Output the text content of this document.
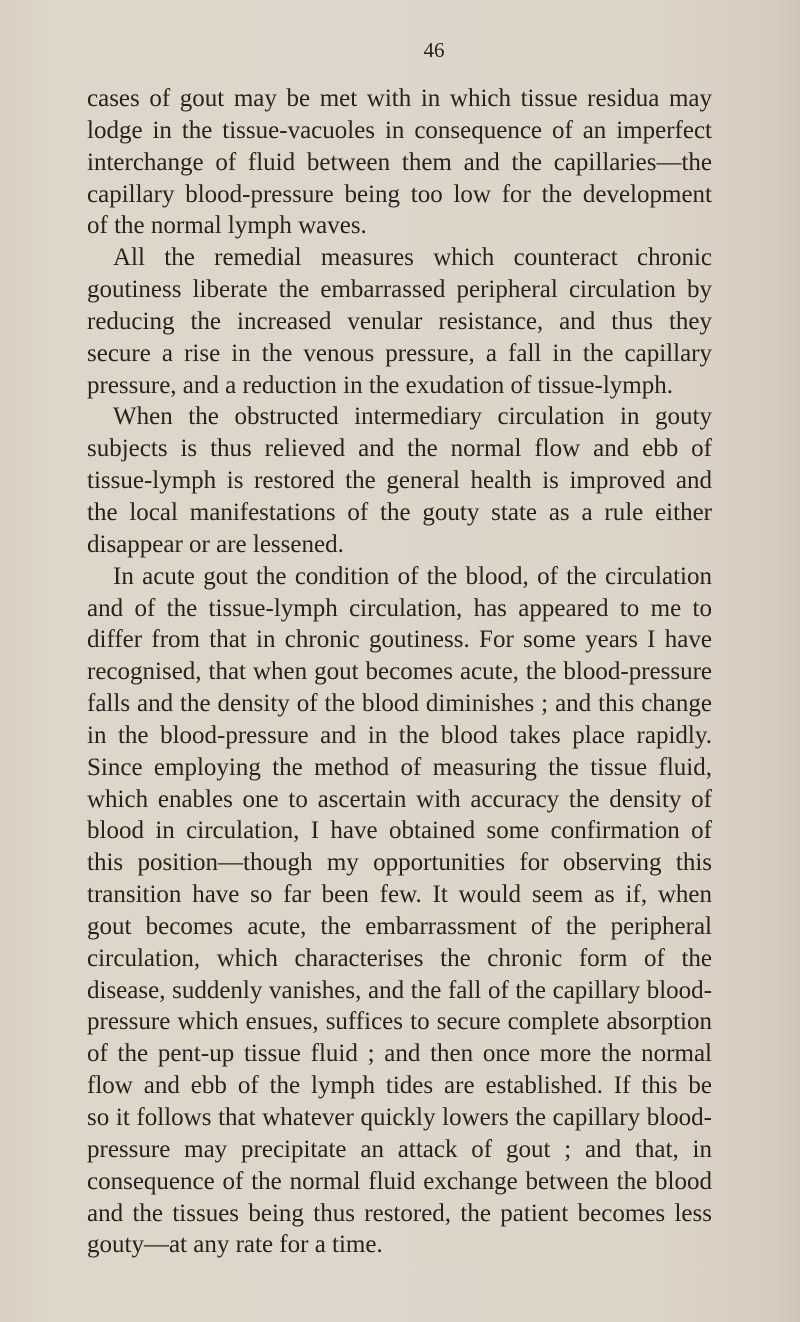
46
cases of gout may be met with in which tissue residua may
lodge in the tissue-vacuoles in consequence of an imperfect
interchange of fluid between them and the capillaries—the
capillary blood-pressure being too low for the development
of the normal lymph waves.
All the remedial measures which counteract chronic
goutiness liberate the embarrassed peripheral circulation by
reducing the increased venular resistance, and thus they
secure a rise in the venous pressure, a fall in the capillary
pressure, and a reduction in the exudation of tissue-lymph.
When the obstructed intermediary circulation in gouty
subjects is thus relieved and the normal flow and ebb of
tissue-lymph is restored the general health is improved and
the local manifestations of the gouty state as a rule either
disappear or are lessened.
In acute gout the condition of the blood, of the circulation
and of the tissue-lymph circulation, has appeared to me to
differ from that in chronic goutiness. For some years I have
recognised, that when gout becomes acute, the blood-pressure
falls and the density of the blood diminishes ; and this change
in the blood-pressure and in the blood takes place rapidly.
Since employing the method of measuring the tissue fluid,
which enables one to ascertain with accuracy the density of
blood in circulation, I have obtained some confirmation of
this position—though my opportunities for observing this
transition have so far been few. It would seem as if, when
gout becomes acute, the embarrassment of the peripheral
circulation, which characterises the chronic form of the
disease, suddenly vanishes, and the fall of the capillary blood-
pressure which ensues, suffices to secure complete absorption
of the pent-up tissue fluid ; and then once more the normal
flow and ebb of the lymph tides are established. If this be
so it follows that whatever quickly lowers the capillary blood-
pressure may precipitate an attack of gout ; and that, in
consequence of the normal fluid exchange between the blood
and the tissues being thus restored, the patient becomes less
gouty—at any rate for a time.
